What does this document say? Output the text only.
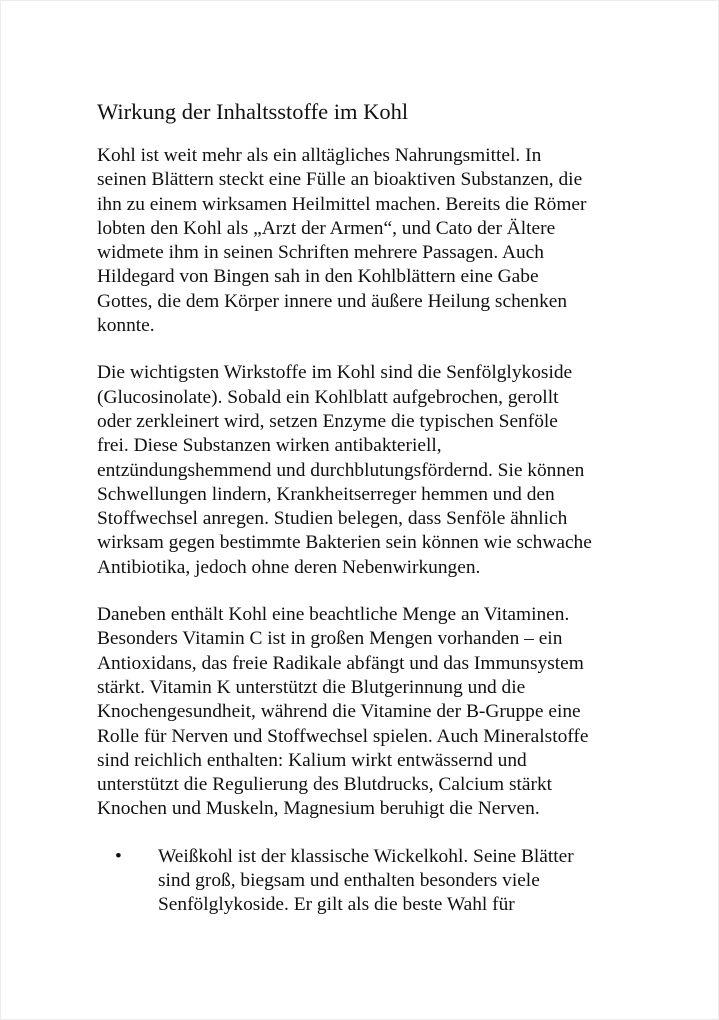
Wirkung der Inhaltsstoffe im Kohl

Kohl ist weit mehr als ein alltägliches Nahrungsmittel. In
seinen Blättern steckt eine Fülle an bioaktiven Substanzen, die
ihn zu einem wirksamen Heilmittel machen. Bereits die Römer
lobten den Kohl als „Arzt der Armen“, und Cato der Ältere
widmete ihm in seinen Schriften mehrere Passagen. Auch
Hildegard von Bingen sah in den Kohlblättern eine Gabe
Gottes, die dem Körper innere und äußere Heilung schenken
konnte.

Die wichtigsten Wirkstoffe im Kohl sind die Senfölglykoside
(Glucosinolate). Sobald ein Kohlblatt aufgebrochen, gerollt
oder zerkleinert wird, setzen Enzyme die typischen Senföle
frei. Diese Substanzen wirken antibakteriell,
entzündungshemmend und durchblutungsfördernd. Sie können
Schwellungen lindern, Krankheitserreger hemmen und den
Stoffwechsel anregen. Studien belegen, dass Senföle ähnlich
wirksam gegen bestimmte Bakterien sein können wie schwache
Antibiotika, jedoch ohne deren Nebenwirkungen.

Daneben enthält Kohl eine beachtliche Menge an Vitaminen.
Besonders Vitamin C ist in großen Mengen vorhanden – ein
Antioxidans, das freie Radikale abfängt und das Immunsystem
stärkt. Vitamin K unterstützt die Blutgerinnung und die
Knochengesundheit, während die Vitamine der B-Gruppe eine
Rolle für Nerven und Stoffwechsel spielen. Auch Mineralstoffe
sind reichlich enthalten: Kalium wirkt entwässernd und
unterstützt die Regulierung des Blutdrucks, Calcium stärkt
Knochen und Muskeln, Magnesium beruhigt die Nerven.

• Weißkohl ist der klassische Wickelkohl. Seine Blätter
sind groß, biegsam und enthalten besonders viele
Senfölglykoside. Er gilt als die beste Wahl für
